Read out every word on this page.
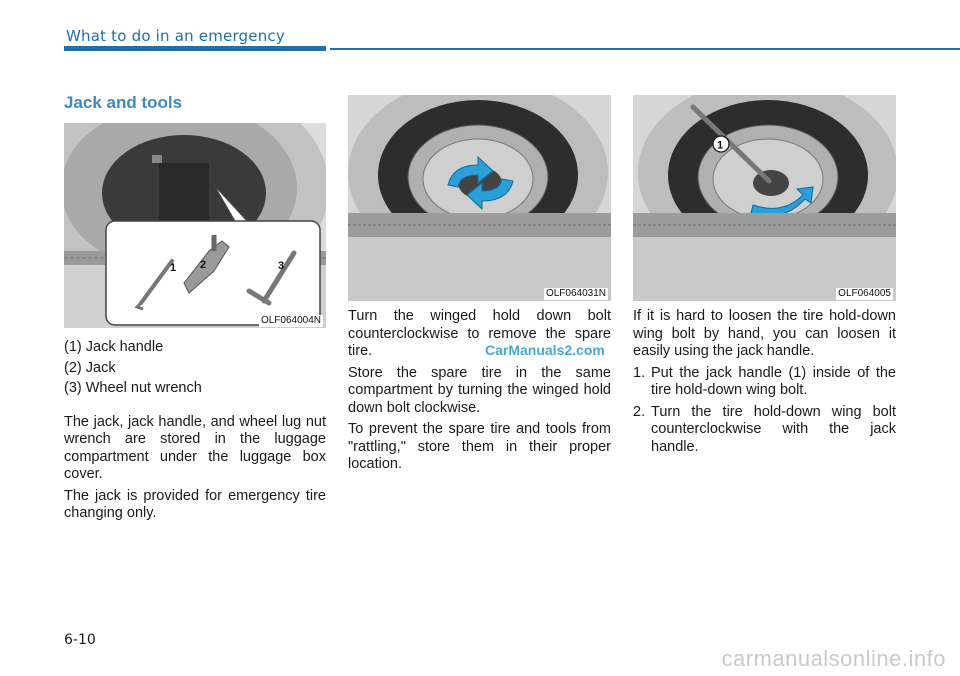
What to do in an emergency
Jack and tools
1 2	3
OLF064004N
OLF064031N
1
OLF064005
(1) Jack handle
(2) Jack
(3) Wheel nut wrench

The jack, jack handle, and wheel lug nut wrench are stored in the luggage compartment under the luggage box cover.

The jack is provided for emergency tire changing only.

Turn the winged hold down bolt counterclockwise to remove the spare tire.

Store the spare tire in the same compartment by turning the winged hold down bolt clockwise.

To prevent the spare tire and tools from "rattling," store them in their proper location.

CarManuals2.com

If it is hard to loosen the tire hold-down wing bolt by hand, you can loosen it easily using the jack handle.

1. Put the jack handle (1) inside of the tire hold-down wing bolt.
2. Turn the tire hold-down wing bolt counterclockwise with the jack handle.
6-10
carmanualsonline.info
